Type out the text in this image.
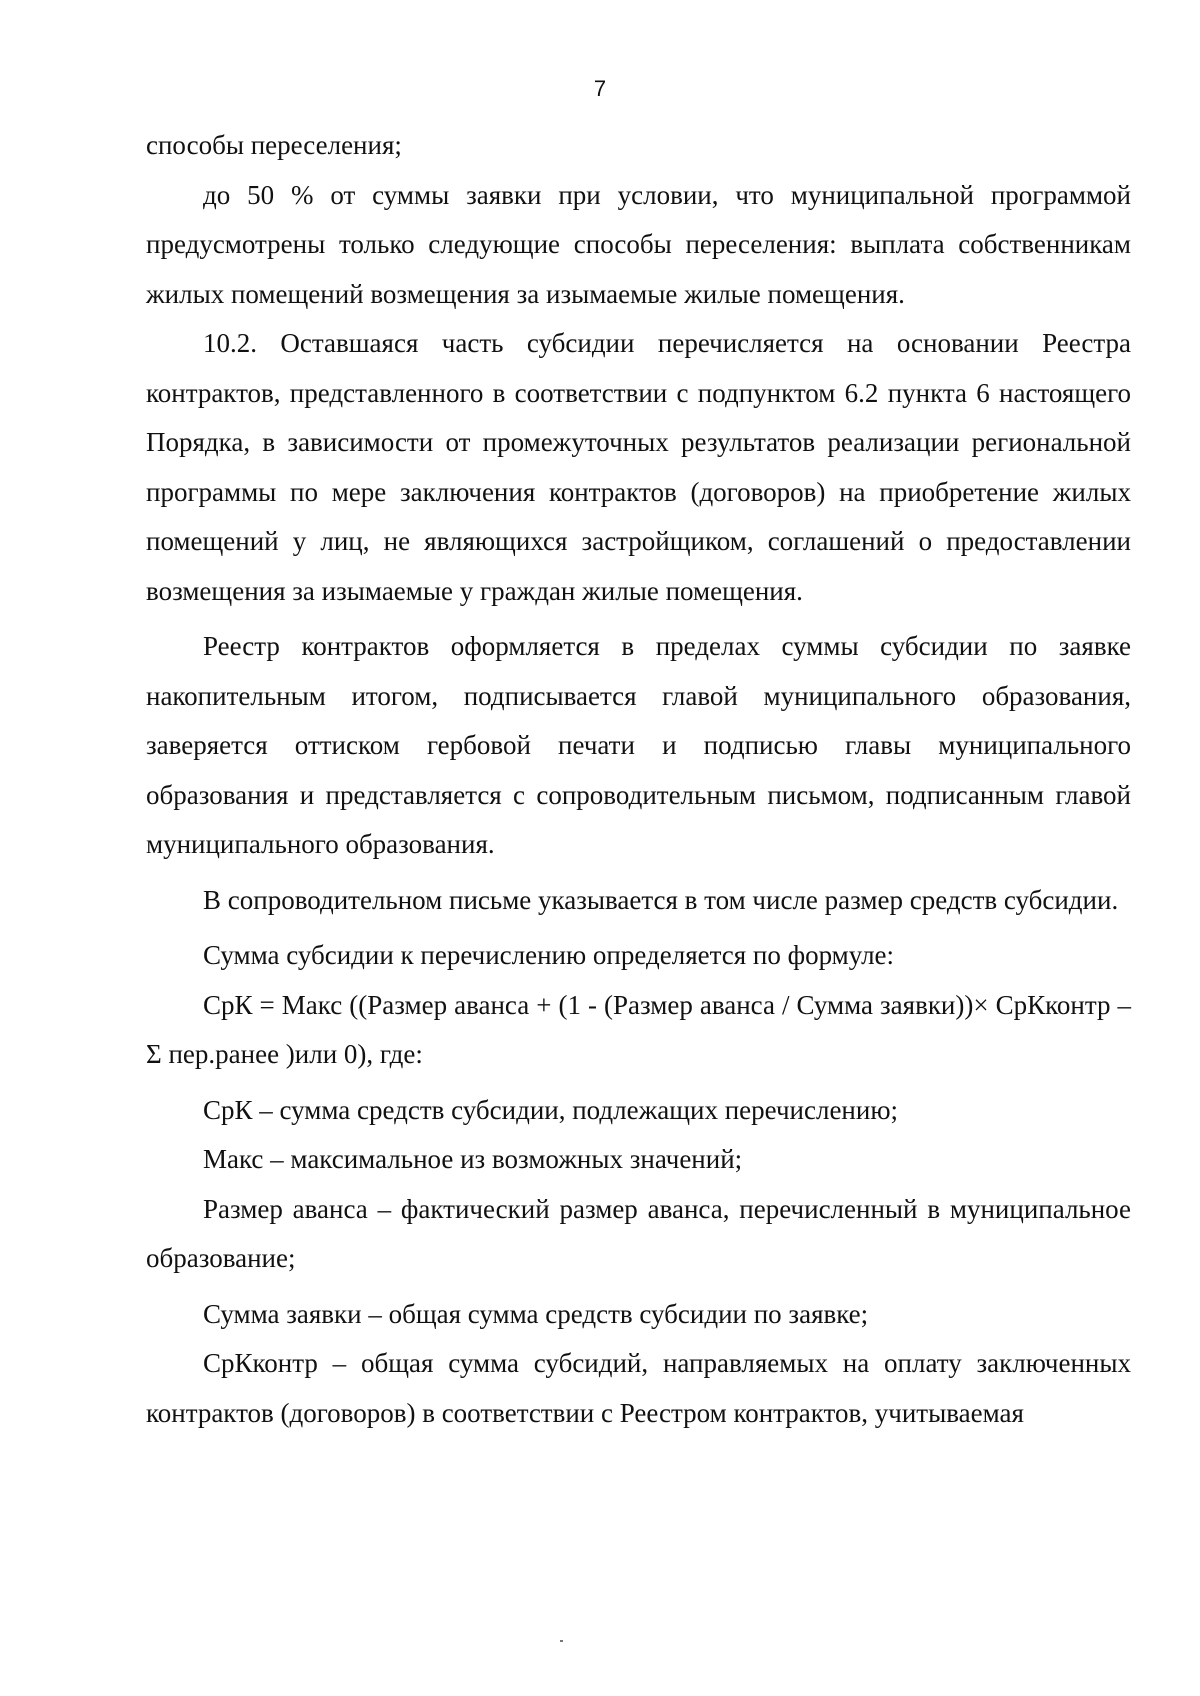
7

способы переселения;

до 50 % от суммы заявки при условии, что муниципальной программой предусмотрены только следующие способы переселения: выплата собственникам жилых помещений возмещения за изымаемые жилые помещения.

10.2. Оставшаяся часть субсидии перечисляется на основании Реестра контрактов, представленного в соответствии с подпунктом 6.2 пункта 6 настоящего Порядка, в зависимости от промежуточных результатов реализации региональной программы по мере заключения контрактов (договоров) на приобретение жилых помещений у лиц, не являющихся застройщиком, соглашений о предоставлении возмещения за изымаемые у граждан жилые помещения.

Реестр контрактов оформляется в пределах суммы субсидии по заявке накопительным итогом, подписывается главой муниципального образования, заверяется оттиском гербовой печати и подписью главы муниципального образования и представляется с сопроводительным письмом, подписанным главой муниципального образования.

В сопроводительном письме указывается в том числе размер средств субсидии.

Сумма субсидии к перечислению определяется по формуле:

СрК = Макс ((Размер аванса + (1 - (Размер аванса / Сумма заявки))× СрКконтр – Σ пер.ранее )или 0), где:

СрК – сумма средств субсидии, подлежащих перечислению;

Макс – максимальное из возможных значений;

Размер аванса – фактический размер аванса, перечисленный в муниципальное образование;

Сумма заявки – общая сумма средств субсидии по заявке;

СрКконтр – общая сумма субсидий, направляемых на оплату заключенных контрактов (договоров) в соответствии с Реестром контрактов, учитываемая
